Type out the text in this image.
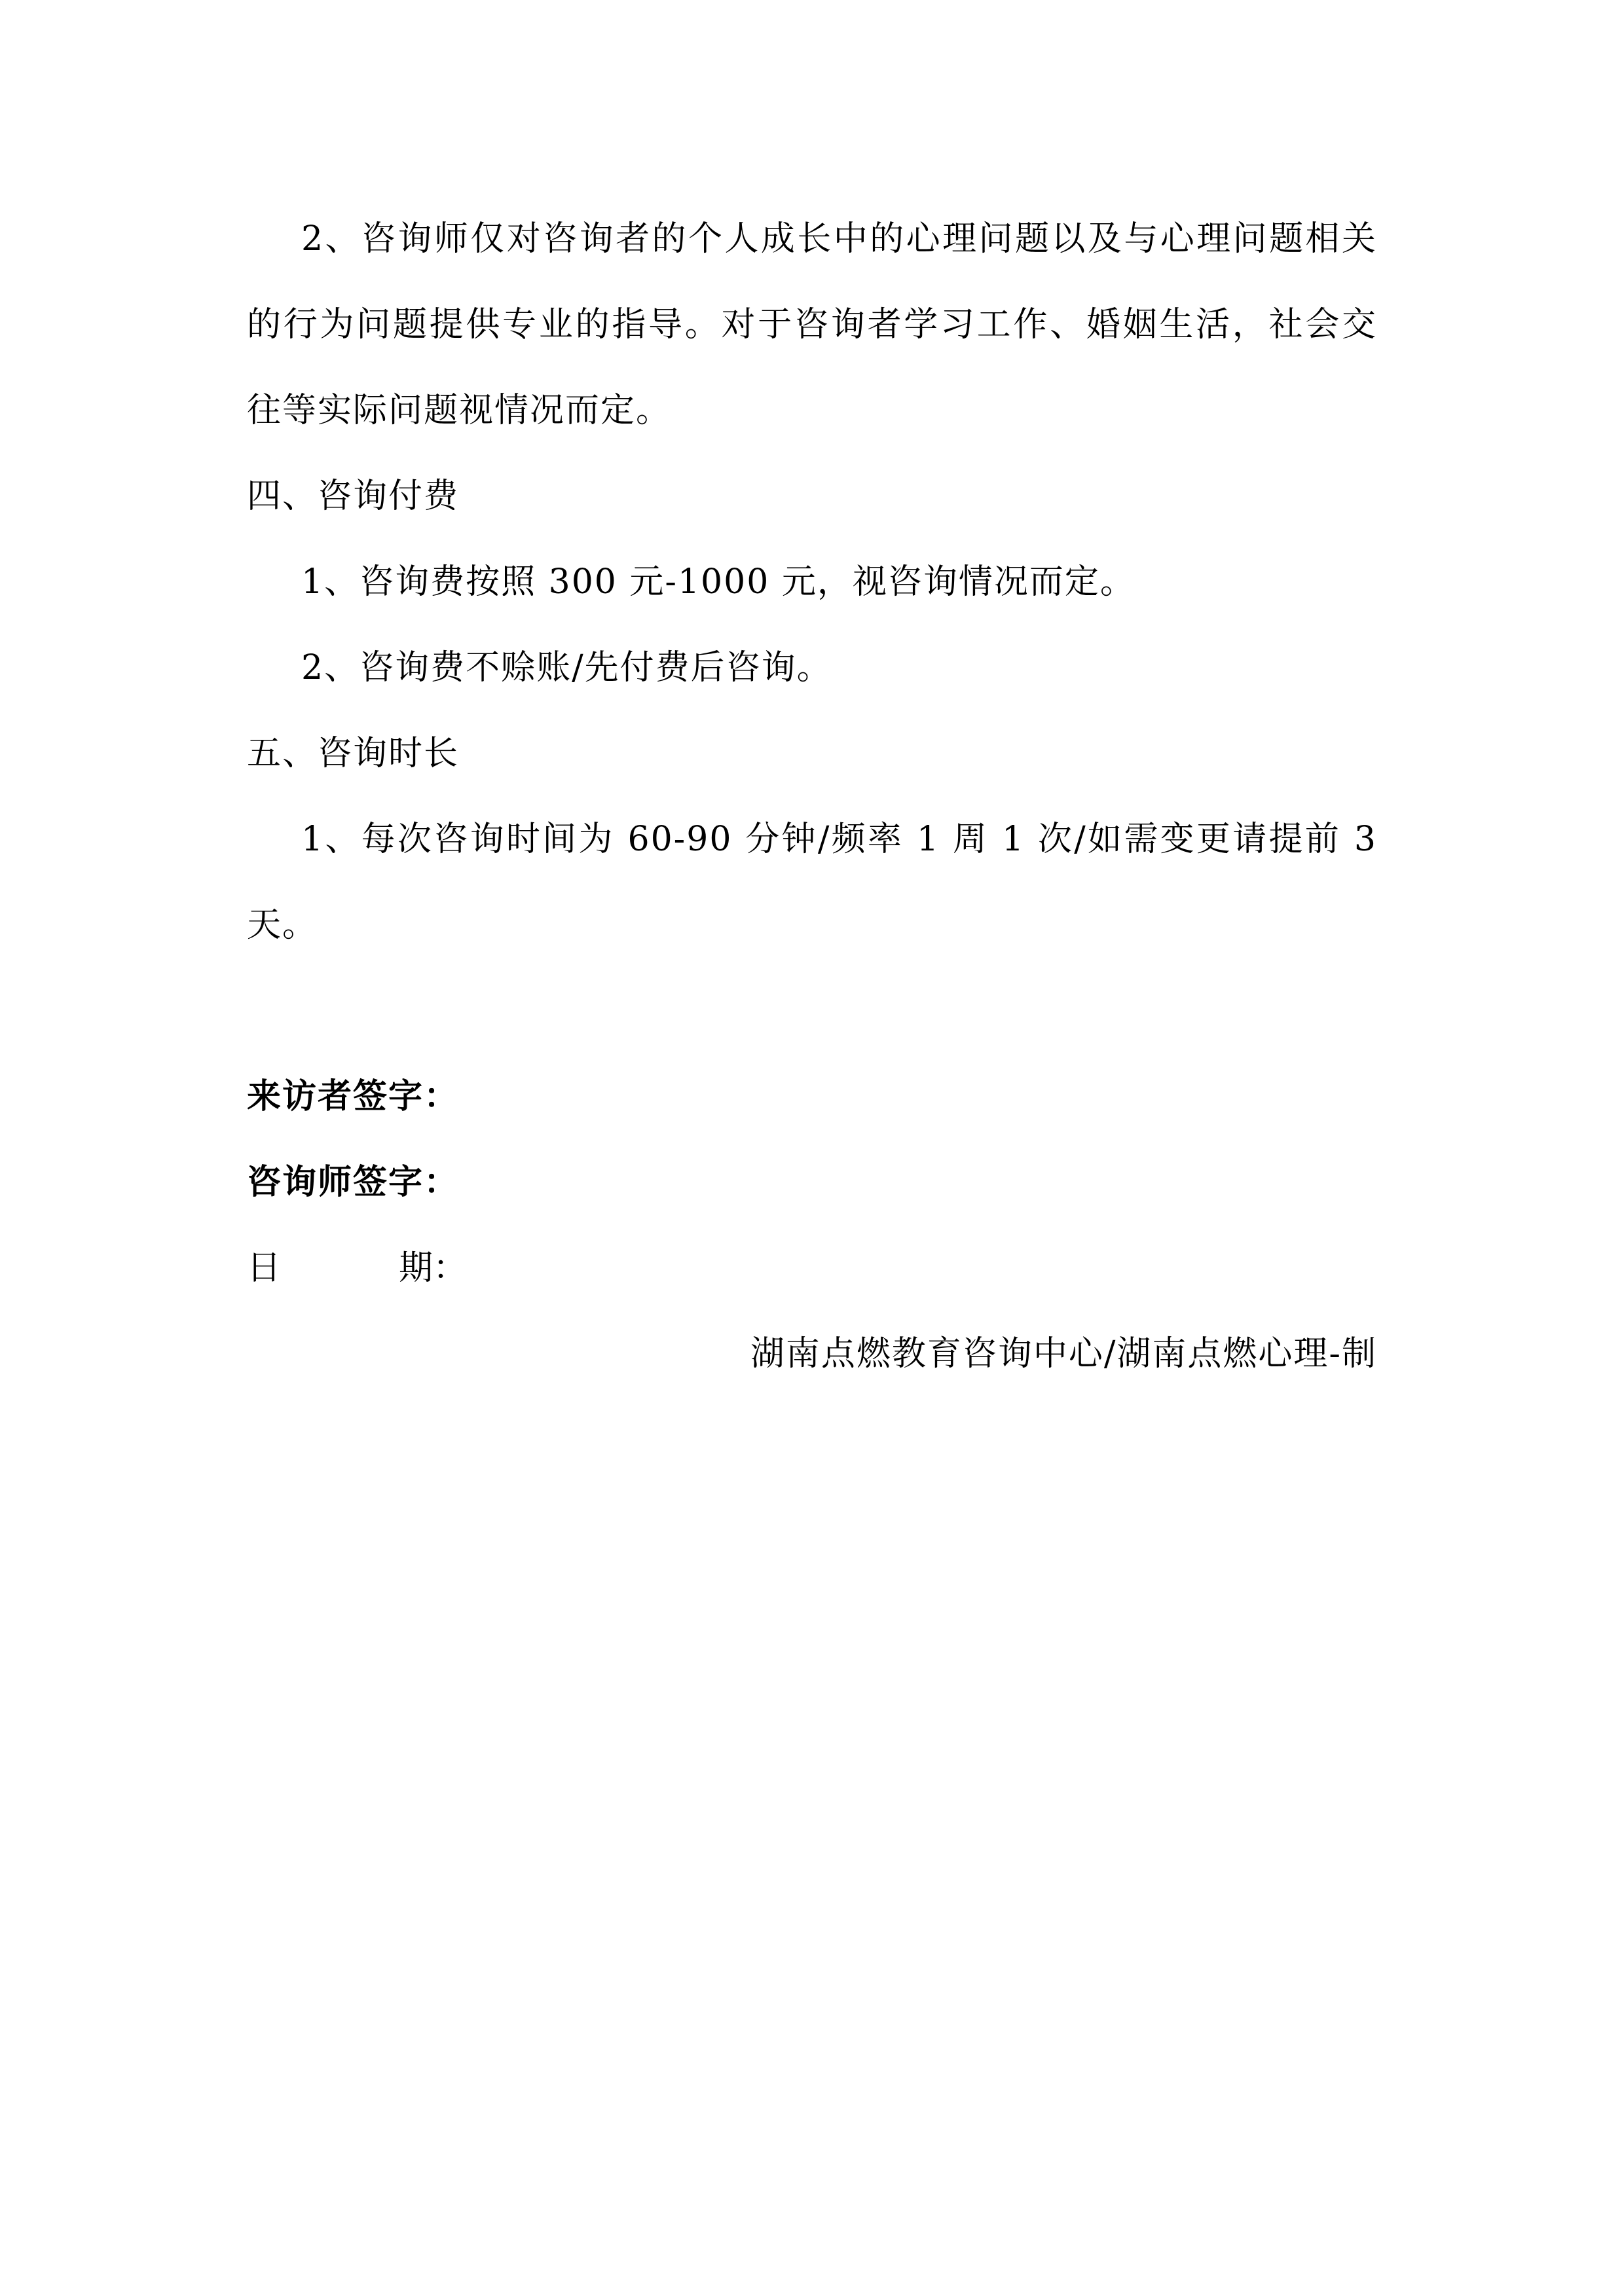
2、咨询师仅对咨询者的个人成长中的心理问题以及与心理问题相关的行为问题提供专业的指导。对于咨询者学习工作、婚姻生活，社会交往等实际问题视情况而定。
四、咨询付费
1、咨询费按照 300 元-1000 元，视咨询情况而定。
2、咨询费不赊账/先付费后咨询。
五、咨询时长
1、每次咨询时间为 60-90 分钟/频率 1 周 1 次/如需变更请提前 3 天。
来访者签字：
咨询师签字：
日	期：
湖南点燃教育咨询中心/湖南点燃心理-制
